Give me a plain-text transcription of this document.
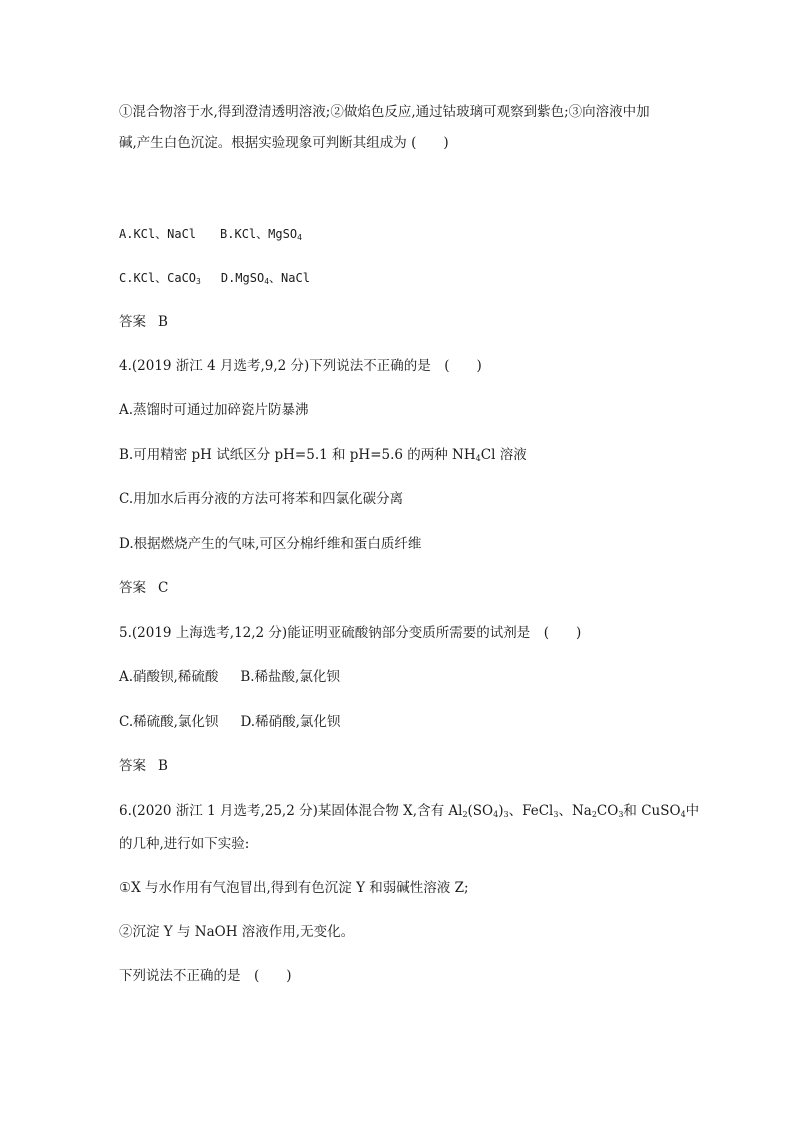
①混合物溶于水,得到澄清透明溶液;②做焰色反应,通过钴玻璃可观察到紫色;③向溶液中加
碱,产生白色沉淀。根据实验现象可判断其组成为 (　　)
A.KCl、NaCl B.KCl、MgSO$_4$
C.KCl、CaCO$_3$ D.MgSO$_4$、NaCl
答案 B
4.(2019 浙江 4 月选考,9,2 分)下列说法不正确的是　(　　)
A.蒸馏时可通过加碎瓷片防暴沸
B.可用精密 pH 试纸区分 pH=5.1 和 pH=5.6 的两种 $NH_4Cl$ 溶液
C.用加水后再分液的方法可将苯和四氯化碳分离
D.根据燃烧产生的气味,可区分棉纤维和蛋白质纤维
答案 C
5.(2019 上海选考,12,2 分)能证明亚硫酸钠部分变质所需要的试剂是　(　　)
A.硝酸钡,稀硫酸 B.稀盐酸,氯化钡
C.稀硫酸,氯化钡 D.稀硝酸,氯化钡
答案 B
6.(2020 浙江 1 月选考,25,2 分)某固体混合物 X,含有 $Al_2(SO_4)_3$、FeCl$_3$、$Na_2CO_3$和 CuSO$_4$中
的几种,进行如下实验:
①X 与水作用有气泡冒出,得到有色沉淀 Y 和弱碱性溶液 Z;
②沉淀 Y 与 NaOH 溶液作用,无变化。
下列说法不正确的是　(　　)
